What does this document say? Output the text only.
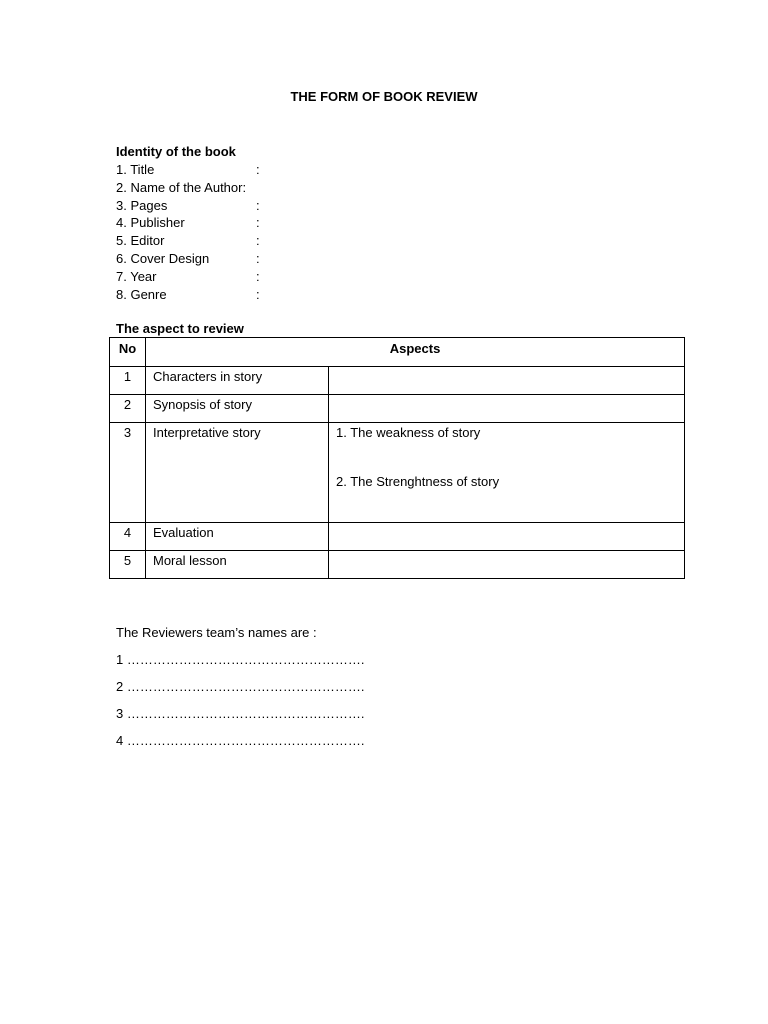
THE FORM OF BOOK REVIEW
Identity of the book
1. Title	:
2. Name of the Author:
3. Pages	:
4. Publisher	:
5. Editor	:
6. Cover Design	:
7. Year	:
8. Genre	:
The aspect to review
No	Aspects	
1	Characters in story	
2	Synopsis of story	
3	Interpretative story	1. The weakness of story
2. The Strenghtness of story

4	Evaluation	
5	Moral lesson	
The Reviewers team’s names are :
1 ……………………………………………….
2 ……………………………………………….
3 ……………………………………………….
4 ……………………………………………….
